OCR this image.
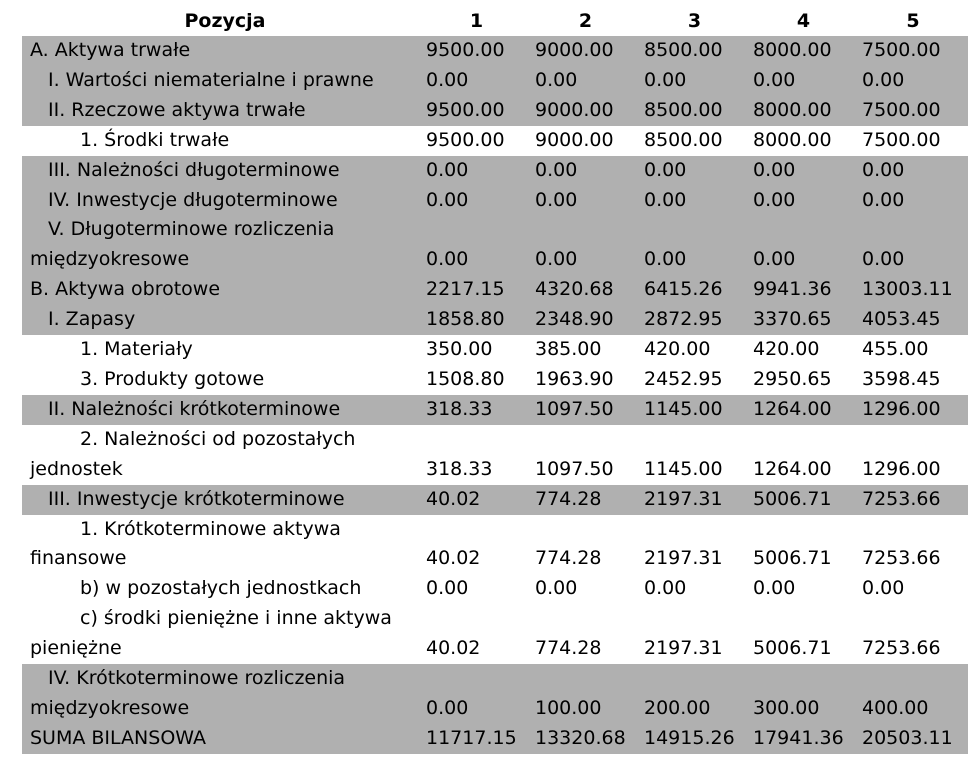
Pozycja	1	2	3	4	5
A. Aktywa trwałe	9500.00	9000.00	8500.00	8000.00	7500.00
I. Wartości niematerialne i prawne	0.00	0.00	0.00	0.00	0.00
II. Rzeczowe aktywa trwałe	9500.00	9000.00	8500.00	8000.00	7500.00
1. Środki trwałe	9500.00	9000.00	8500.00	8000.00	7500.00
III. Należności długoterminowe	0.00	0.00	0.00	0.00	0.00
IV. Inwestycje długoterminowe	0.00	0.00	0.00	0.00	0.00
V. Długoterminowe rozliczenia					
międzyokresowe	0.00	0.00	0.00	0.00	0.00
B. Aktywa obrotowe	2217.15	4320.68	6415.26	9941.36	13003.11
I. Zapasy	1858.80	2348.90	2872.95	3370.65	4053.45
1. Materiały	350.00	385.00	420.00	420.00	455.00
3. Produkty gotowe	1508.80	1963.90	2452.95	2950.65	3598.45
II. Należności krótkoterminowe	318.33	1097.50	1145.00	1264.00	1296.00
2. Należności od pozostałych					
jednostek	318.33	1097.50	1145.00	1264.00	1296.00
III. Inwestycje krótkoterminowe	40.02	774.28	2197.31	5006.71	7253.66
1. Krótkoterminowe aktywa					
finansowe	40.02	774.28	2197.31	5006.71	7253.66
b) w pozostałych jednostkach	0.00	0.00	0.00	0.00	0.00
c) środki pieniężne i inne aktywa					
pieniężne	40.02	774.28	2197.31	5006.71	7253.66
IV. Krótkoterminowe rozliczenia					
międzyokresowe	0.00	100.00	200.00	300.00	400.00
SUMA BILANSOWA	11717.15	13320.68	14915.26	17941.36	20503.11
